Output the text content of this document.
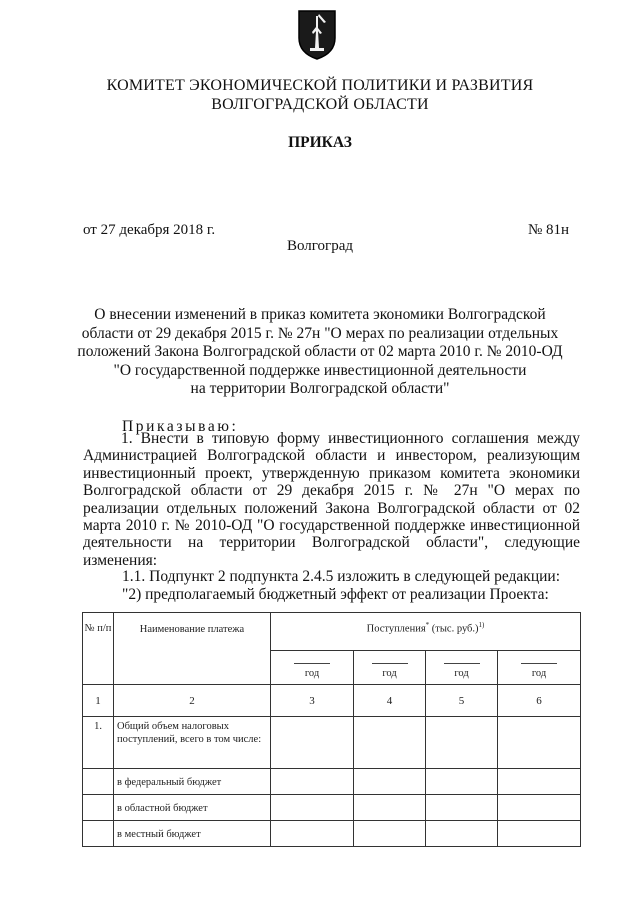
КОМИТЕТ ЭКОНОМИЧЕСКОЙ ПОЛИТИКИ И РАЗВИТИЯ
ВОЛГОГРАДСКОЙ ОБЛАСТИ
ПРИКАЗ
от 27 декабря 2018 г.	№ 81н
Волгоград
О внесении изменений в приказ комитета экономики Волгоградской
области от 29 декабря 2015 г. № 27н "О мерах по реализации отдельных
положений Закона Волгоградской области от 02 марта 2010 г. № 2010-ОД
"О государственной поддержке инвестиционной деятельности
на территории Волгоградской области"
Приказываю:
1. Внести в типовую форму инвестиционного соглашения между Администрацией Волгоградской области и инвестором, реализующим инвестиционный проект, утвержденную приказом комитета экономики Волгоградской области от 29 декабря 2015 г. № 27н "О мерах по реализации отдельных положений Закона Волгоградской области от 02 марта 2010 г. № 2010-ОД "О государственной поддержке инвестиционной деятельности на территории Волгоградской области", следующие изменения:
1.1. Подпункт 2 подпункта 2.4.5 изложить в следующей редакции:
"2) предполагаемый бюджетный эффект от реализации Проекта:
№ п/п	Наименование платежа	Поступления* (тыс. руб.)$^{1)}$

год	год	год	год
1	2	3	4	5	6
1.	Общий объем налоговых поступлений, всего в том числе:				
	в федеральный бюджет				
	в областной бюджет				
	в местный бюджет				
